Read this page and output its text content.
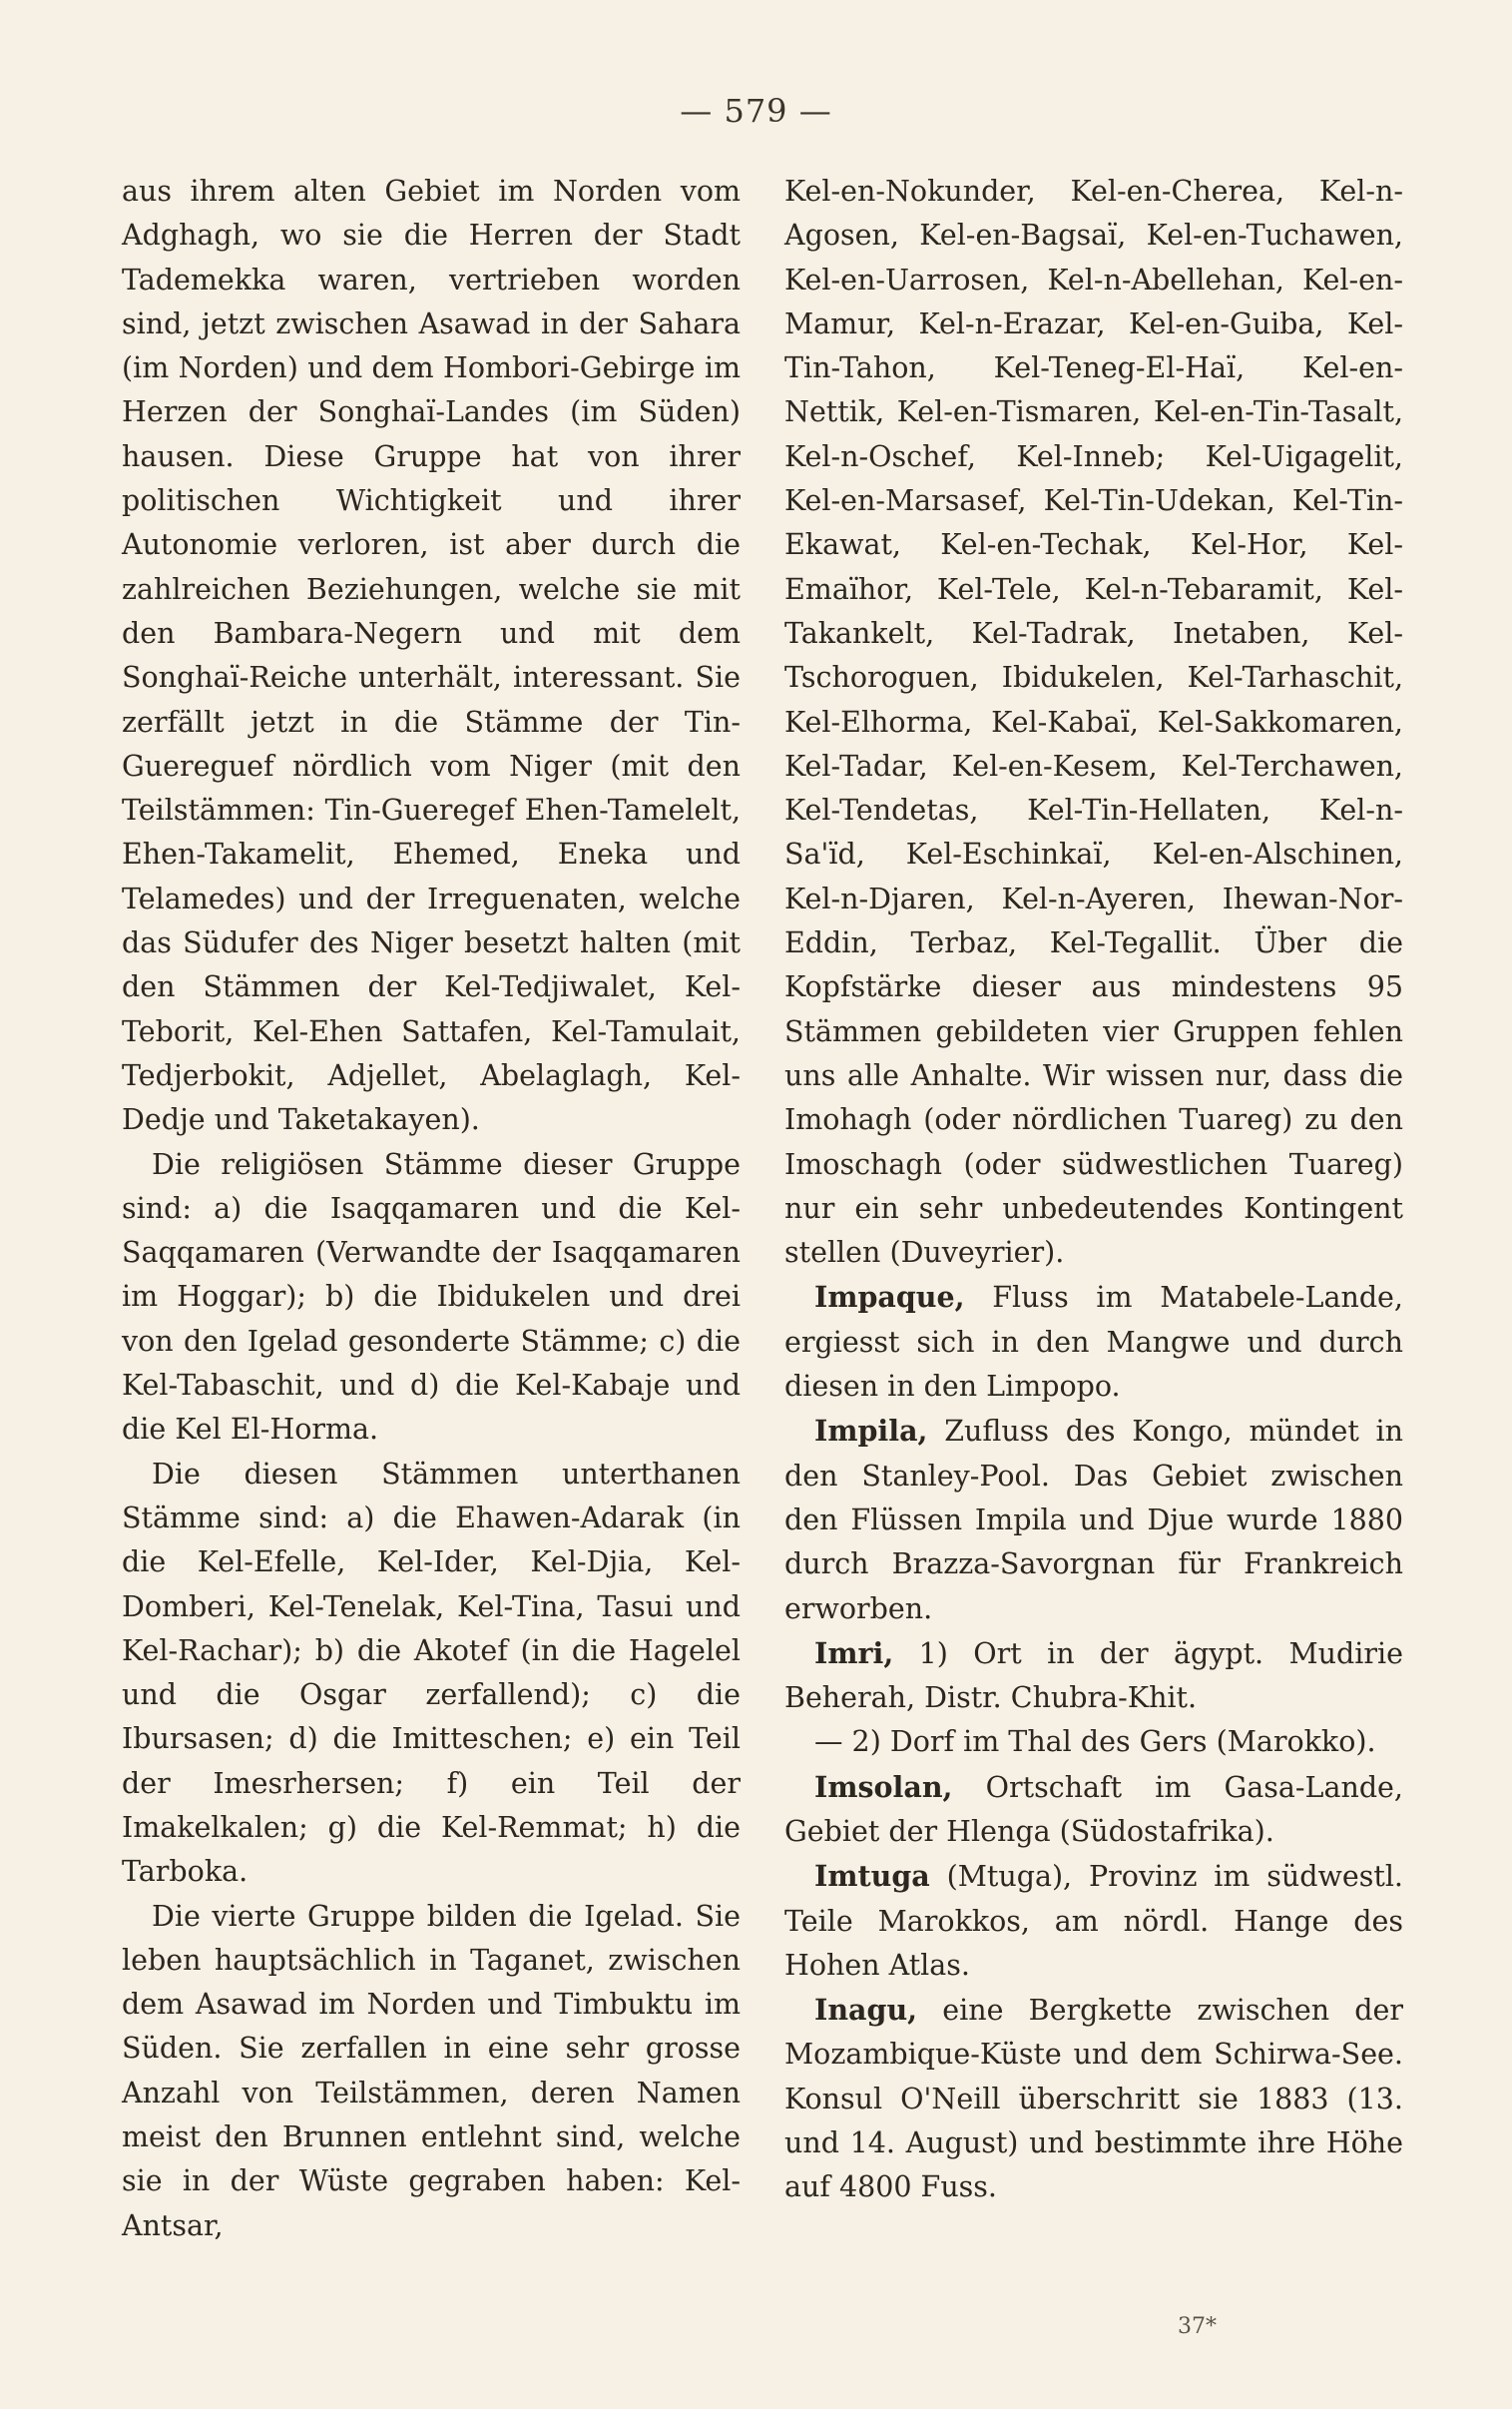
— 579 —

aus ihrem alten Gebiet im Norden vom Adghagh, wo sie die Herren der Stadt Tademekka waren, vertrieben worden sind, jetzt zwischen Asawad in der Sahara (im Norden) und dem Hombori-Gebirge im Herzen der Songhaï-Landes (im Süden) hausen. Diese Gruppe hat von ihrer politischen Wichtigkeit und ihrer Autonomie verloren, ist aber durch die zahlreichen Beziehungen, welche sie mit den Bambara-Negern und mit dem Songhaï-Reiche unterhält, interessant. Sie zerfällt jetzt in die Stämme der Tin-Guereguef nördlich vom Niger (mit den Teilstämmen: Tin-Gueregef Ehen-Tamelelt, Ehen-Takamelit, Ehemed, Eneka und Telamedes) und der Irreguenaten, welche das Südufer des Niger besetzt halten (mit den Stämmen der Kel-Tedjiwalet, Kel-Teborit, Kel-Ehen Sattafen, Kel-Tamulait, Tedjerbokit, Adjellet, Abelaglagh, Kel-Dedje und Taketakayen).

Die religiösen Stämme dieser Gruppe sind: a) die Isaqqamaren und die Kel-Saqqamaren (Verwandte der Isaqqamaren im Hoggar); b) die Ibidukelen und drei von den Igelad gesonderte Stämme; c) die Kel-Tabaschit, und d) die Kel-Kabaje und die Kel El-Horma.

Die diesen Stämmen unterthanen Stämme sind: a) die Ehawen-Adarak (in die Kel-Efelle, Kel-Ider, Kel-Djia, Kel-Domberi, Kel-Tenelak, Kel-Tina, Tasui und Kel-Rachar); b) die Akotef (in die Hagelel und die Osgar zerfallend); c) die Ibursasen; d) die Imitteschen; e) ein Teil der Imesrhersen; f) ein Teil der Imakelkalen; g) die Kel-Remmat; h) die Tarboka.

Die vierte Gruppe bilden die Igelad. Sie leben hauptsächlich in Taganet, zwischen dem Asawad im Norden und Timbuktu im Süden. Sie zerfallen in eine sehr grosse Anzahl von Teilstämmen, deren Namen meist den Brunnen entlehnt sind, welche sie in der Wüste gegraben haben: Kel-Antsar,

Kel-en-Nokunder, Kel-en-Cherea, Kel-n-Agosen, Kel-en-Bagsaï, Kel-en-Tuchawen, Kel-en-Uarrosen, Kel-n-Abellehan, Kel-en-Mamur, Kel-n-Erazar, Kel-en-Guiba, Kel-Tin-Tahon, Kel-Teneg-El-Haï, Kel-en-Nettik, Kel-en-Tismaren, Kel-en-Tin-Tasalt, Kel-n-Oschef, Kel-Inneb; Kel-Uigagelit, Kel-en-Marsasef, Kel-Tin-Udekan, Kel-Tin-Ekawat, Kel-en-Techak, Kel-Hor, Kel-Emaïhor, Kel-Tele, Kel-n-Tebaramit, Kel-Takankelt, Kel-Tadrak, Inetaben, Kel-Tschoroguen, Ibidukelen, Kel-Tarhaschit, Kel-Elhorma, Kel-Kabaï, Kel-Sakkomaren, Kel-Tadar, Kel-en-Kesem, Kel-Terchawen, Kel-Tendetas, Kel-Tin-Hellaten, Kel-n-Sa'ïd, Kel-Eschinkaï, Kel-en-Alschinen, Kel-n-Djaren, Kel-n-Ayeren, Ihewan-Nor-Eddin, Terbaz, Kel-Tegallit. Über die Kopfstärke dieser aus mindestens 95 Stämmen gebildeten vier Gruppen fehlen uns alle Anhalte. Wir wissen nur, dass die Imohagh (oder nördlichen Tuareg) zu den Imoschagh (oder südwestlichen Tuareg) nur ein sehr unbedeutendes Kontingent stellen (Duveyrier).

Impaque, Fluss im Matabele-Lande, ergiesst sich in den Mangwe und durch diesen in den Limpopo.

Impila, Zufluss des Kongo, mündet in den Stanley-Pool. Das Gebiet zwischen den Flüssen Impila und Djue wurde 1880 durch Brazza-Savorgnan für Frankreich erworben.

Imri, 1) Ort in der ägypt. Mudirie Beherah, Distr. Chubra-Khit.

— 2) Dorf im Thal des Gers (Marokko).

Imsolan, Ortschaft im Gasa-Lande, Gebiet der Hlenga (Südostafrika).

Imtuga (Mtuga), Provinz im südwestl. Teile Marokkos, am nördl. Hange des Hohen Atlas.

Inagu, eine Bergkette zwischen der Mozambique-Küste und dem Schirwa-See. Konsul O'Neill überschritt sie 1883 (13. und 14. August) und bestimmte ihre Höhe auf 4800 Fuss.

37*
